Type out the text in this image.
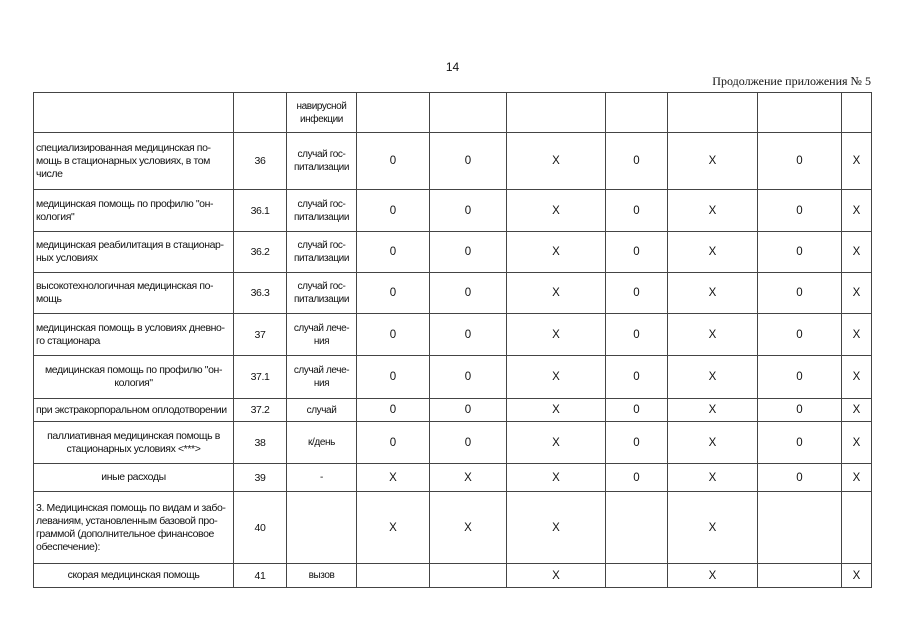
14
Продолжение приложения № 5
		навирусной инфекции							
специализированная медицинская по-мощь в стационарных условиях, в том числе	36	случай гос-питализации	0	0	X	0	X	0	X
медицинская помощь по профилю "он-кология"	36.1	случай гос-питализации	0	0	X	0	X	0	X
медицинская реабилитация в стационар-ных условиях	36.2	случай гос-питализации	0	0	X	0	X	0	X
высокотехнологичная медицинская по-мощь	36.3	случай гос-питализации	0	0	X	0	X	0	X
медицинская помощь в условиях дневно-го стационара	37	случай лече-ния	0	0	X	0	X	0	X
медицинская помощь по профилю "он-кология"	37.1	случай лече-ния	0	0	X	0	X	0	X
при экстракорпоральном оплодотворении	37.2	случай	0	0	X	0	X	0	X
паллиативная медицинская помощь в стационарных условиях <***>	38	к/день	0	0	X	0	X	0	X
иные расходы	39	-	X	X	X	0	X	0	X
3. Медицинская помощь по видам и забо-леваниям, установленным базовой про-граммой (дополнительное финансовое обеспечение):	40		X	X	X		X		
скорая медицинская помощь	41	вызов			X		X		X
